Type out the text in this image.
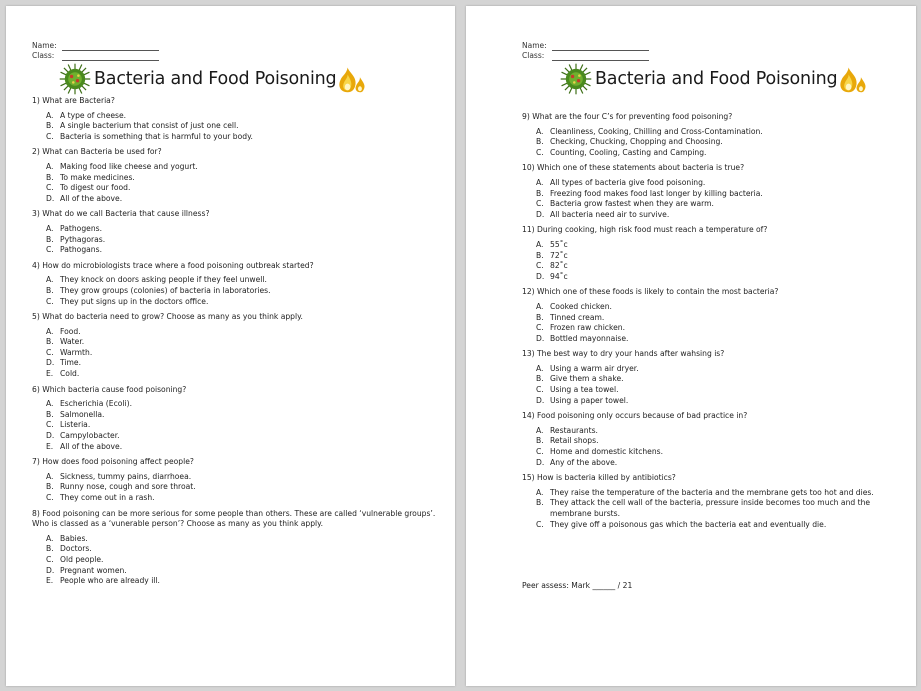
Name:
Class:
Bacteria and Food Poisoning
1) What are Bacteria?
A. A type of cheese.
B. A single bacterium that consist of just one cell.
C. Bacteria is something that is harmful to your body.
2) What can Bacteria be used for?
A. Making food like cheese and yogurt.
B. To make medicines.
C. To digest our food.
D. All of the above.
3) What do we call Bacteria that cause illness?
A. Pathogens.
B. Pythagoras.
C. Pathogans.
4) How do microbiologists trace where a food poisoning outbreak started?
A. They knock on doors asking people if they feel unwell.
B. They grow groups (colonies) of bacteria in laboratories.
C. They put signs up in the doctors office.
5) What do bacteria need to grow? Choose as many as you think apply.
A. Food.
B. Water.
C. Warmth.
D. Time.
E. Cold.
6) Which bacteria cause food poisoning?
A. Escherichia (Ecoli).
B. Salmonella.
C. Listeria.
D. Campylobacter.
E. All of the above.
7) How does food poisoning affect people?
A. Sickness, tummy pains, diarrhoea.
B. Runny nose, cough and sore throat.
C. They come out in a rash.
8) Food poisoning can be more serious for some people than others. These are called ‘vulnerable groups’. Who is classed as a ‘vunerable person’? Choose as many as you think apply.
A. Babies.
B. Doctors.
C. Old people.
D. Pregnant women.
E. People who are already ill.
Name:
Class:
Bacteria and Food Poisoning
9) What are the four C’s for preventing food poisoning?
A. Cleanliness, Cooking, Chilling and Cross-Contamination.
B. Checking, Chucking, Chopping and Choosing.
C. Counting, Cooling, Casting and Camping.
10) Which one of these statements about bacteria is true?
A. All types of bacteria give food poisoning.
B. Freezing food makes food last longer by killing bacteria.
C. Bacteria grow fastest when they are warm.
D. All bacteria need air to survive.
11) During cooking, high risk food must reach a temperature of?
A. 55˚c
B. 72˚c
C. 82˚c
D. 94˚c
12) Which one of these foods is likely to contain the most bacteria?
A. Cooked chicken.
B. Tinned cream.
C. Frozen raw chicken.
D. Bottled mayonnaise.
13) The best way to dry your hands after wahsing is?
A. Using a warm air dryer.
B. Give them a shake.
C. Using a tea towel.
D. Using a paper towel.
14) Food poisoning only occurs because of bad practice in?
A. Restaurants.
B. Retail shops.
C. Home and domestic kitchens.
D. Any of the above.
15) How is bacteria killed by antibiotics?
A. They raise the temperature of the bacteria and the membrane gets too hot and dies.
B. They attack the cell wall of the bacteria, pressure inside becomes too much and the membrane bursts.
C. They give off a poisonous gas which the bacteria eat and eventually die.
Peer assess: Mark ______ / 21
